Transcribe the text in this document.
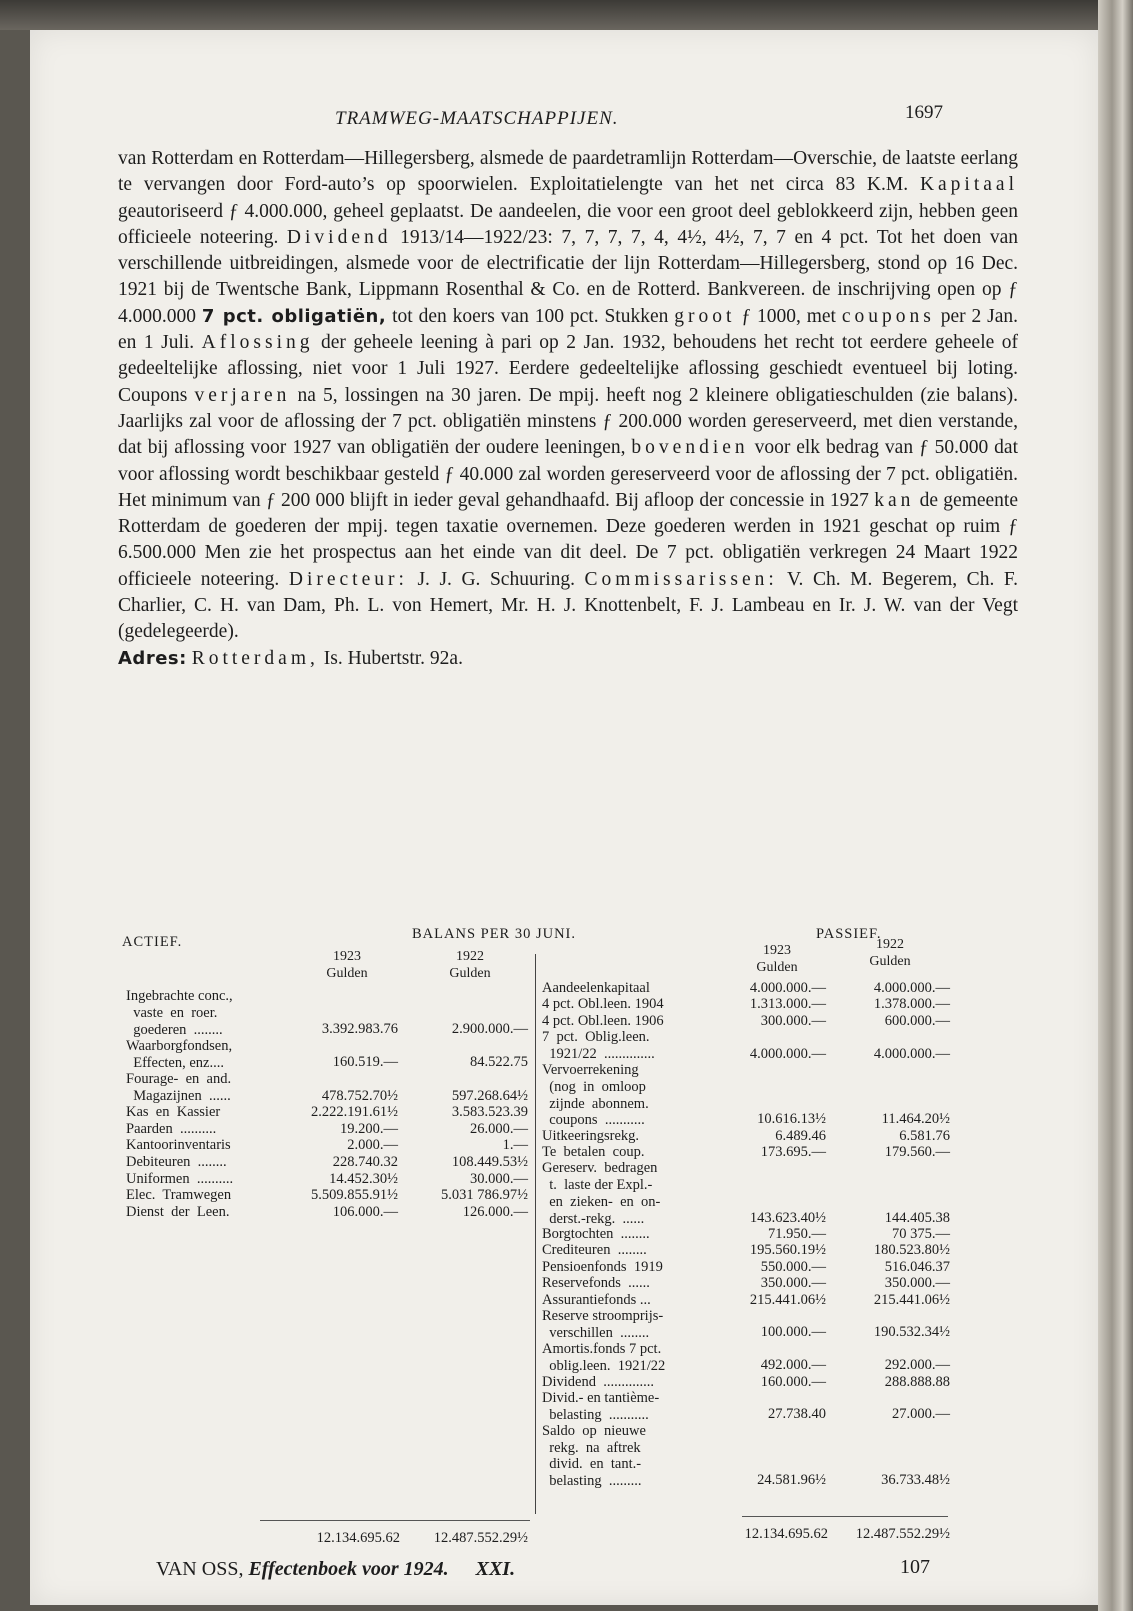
TRAMWEG-MAATSCHAPPIJEN.	1697

van Rotterdam en Rotterdam—Hillegersberg, alsmede de paardetramlijn Rotterdam—Overschie, de laatste eerlang te vervangen door Ford-auto’s op spoorwielen. Exploitatielengte van het net circa 83 K.M. Kapitaal geautoriseerd ƒ 4.000.000, geheel geplaatst. De aandeelen, die voor een groot deel geblokkeerd zijn, hebben geen officieele noteering. Dividend 1913/14—1922/23: 7, 7, 7, 7, 4, 4½, 4½, 7, 7 en 4 pct. Tot het doen van verschillende uitbreidingen, alsmede voor de electrificatie der lijn Rotterdam—Hillegersberg, stond op 16 Dec. 1921 bij de Twentsche Bank, Lippmann Rosenthal & Co. en de Rotterd. Bankvereen. de inschrijving open op ƒ 4.000.000 7 pct. obligatiën, tot den koers van 100 pct. Stukken groot ƒ 1000, met coupons per 2 Jan. en 1 Juli. Aflossing der geheele leening à pari op 2 Jan. 1932, behoudens het recht tot eerdere geheele of gedeeltelijke aflossing, niet voor 1 Juli 1927. Eerdere gedeeltelijke aflossing geschiedt eventueel bij loting. Coupons verjaren na 5, lossingen na 30 jaren. De mpij. heeft nog 2 kleinere obligatieschulden (zie balans). Jaarlijks zal voor de aflossing der 7 pct. obligatiën minstens ƒ 200.000 worden gereserveerd, met dien verstande, dat bij aflossing voor 1927 van obligatiën der oudere leeningen, bovendien voor elk bedrag van ƒ 50.000 dat voor aflossing wordt beschikbaar gesteld ƒ 40.000 zal worden gereserveerd voor de aflossing der 7 pct. obligatiën. Het minimum van ƒ 200 000 blijft in ieder geval gehandhaafd. Bij afloop der concessie in 1927 kan de gemeente Rotterdam de goederen der mpij. tegen taxatie overnemen. Deze goederen werden in 1921 geschat op ruim ƒ 6.500.000 Men zie het prospectus aan het einde van dit deel. De 7 pct. obligatiën verkregen 24 Maart 1922 officieele noteering. Directeur: J. J. G. Schuuring. Commissarissen: V. Ch. M. Begerem, Ch. F. Charlier, C. H. van Dam, Ph. L. von Hemert, Mr. H. J. Knottenbelt, F. J. Lambeau en Ir. J. W. van der Vegt (gedelegeerde).

Adres: Rotterdam, Is. Hubertstr. 92a.

ACTIEF.	BALANS PER 30 JUNI.	PASSIEF.
1923
Gulden
1922
Gulden
1923
Gulden
1922
Gulden
Ingebrachte conc.,
vaste  en  roer.
goederen  ........	3.392.983.76	2.900.000.—
Waarborgfondsen,
Effecten, enz....	160.519.—	84.522.75
Fourage-  en  and.
Magazijnen  ......	478.752.70½	597.268.64½
Kas  en  Kassier	2.222.191.61½	3.583.523.39
Paarden  ..........	19.200.—	26.000.—
Kantoorinventaris	2.000.—	1.—
Debiteuren  ........	228.740.32	108.449.53½
Uniformen  ..........	14.452.30½	30.000.—
Elec.  Tramwegen	5.509.855.91½	5.031 786.97½
Dienst  der  Leen.	106.000.—	126.000.—
Aandeelenkapitaal	4.000.000.—	4.000.000.—
4 pct. Obl.leen. 1904	1.313.000.—	1.378.000.—
4 pct. Obl.leen. 1906	300.000.—	600.000.—
7  pct.  Oblig.leen.
1921/22  ..............	4.000.000.—	4.000.000.—
Vervoerrekening
(nog  in  omloop
zijnde  abonnem.
coupons  ...........	10.616.13½	11.464.20½
Uitkeeringsrekg.	6.489.46	6.581.76
Te  betalen  coup.	173.695.—	179.560.—
Gereserv.  bedragen
t.  laste der Expl.-
en  zieken-  en  on-
derst.-rekg.  ......	143.623.40½	144.405.38
Borgtochten  ........	71.950.—	70 375.—
Crediteuren  ........	195.560.19½	180.523.80½
Pensioenfonds  1919	550.000.—	516.046.37
Reservefonds  ......	350.000.—	350.000.—
Assurantiefonds ...	215.441.06½	215.441.06½
Reserve stroomprijs-
verschillen  ........	100.000.—	190.532.34½
Amortis.fonds 7 pct.
oblig.leen.  1921/22	492.000.—	292.000.—
Dividend  ..............	160.000.—	288.888.88
Divid.- en tantième-
belasting  ...........	27.738.40	27.000.—
Saldo  op  nieuwe
rekg.  na  aftrek
divid.  en  tant.-
belasting  .........	24.581.96½	36.733.48½
12.134.695.62	12.487.552.29½	12.134.695.62	12.487.552.29½
VAN OSS, Effectenboek voor 1924. XXI.	107
